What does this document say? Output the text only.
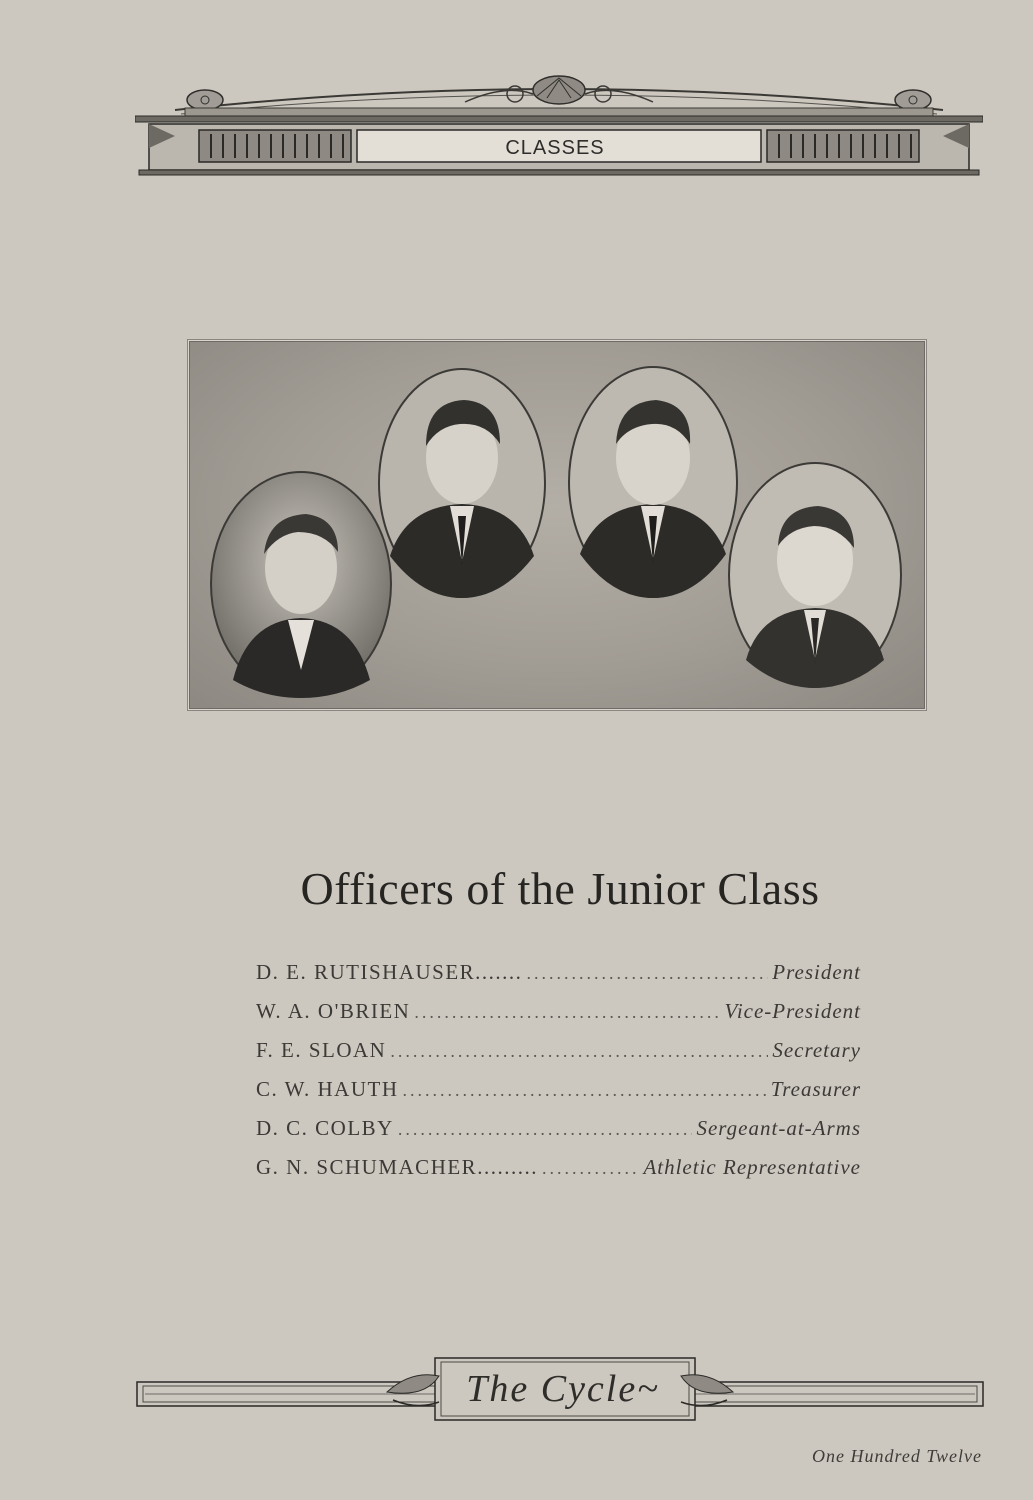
CLASSES
Officers of the Junior Class
D. E. RUTISHAUSER....... .....	President
W. A. O'BRIEN .....	Vice-President
F. E. SLOAN .....	Secretary
C. W. HAUTH .....	Treasurer
D. C. COLBY .....	Sergeant-at-Arms
G. N. SCHUMACHER......... .....	Athletic Representative
The Cycle~
One Hundred Twelve
